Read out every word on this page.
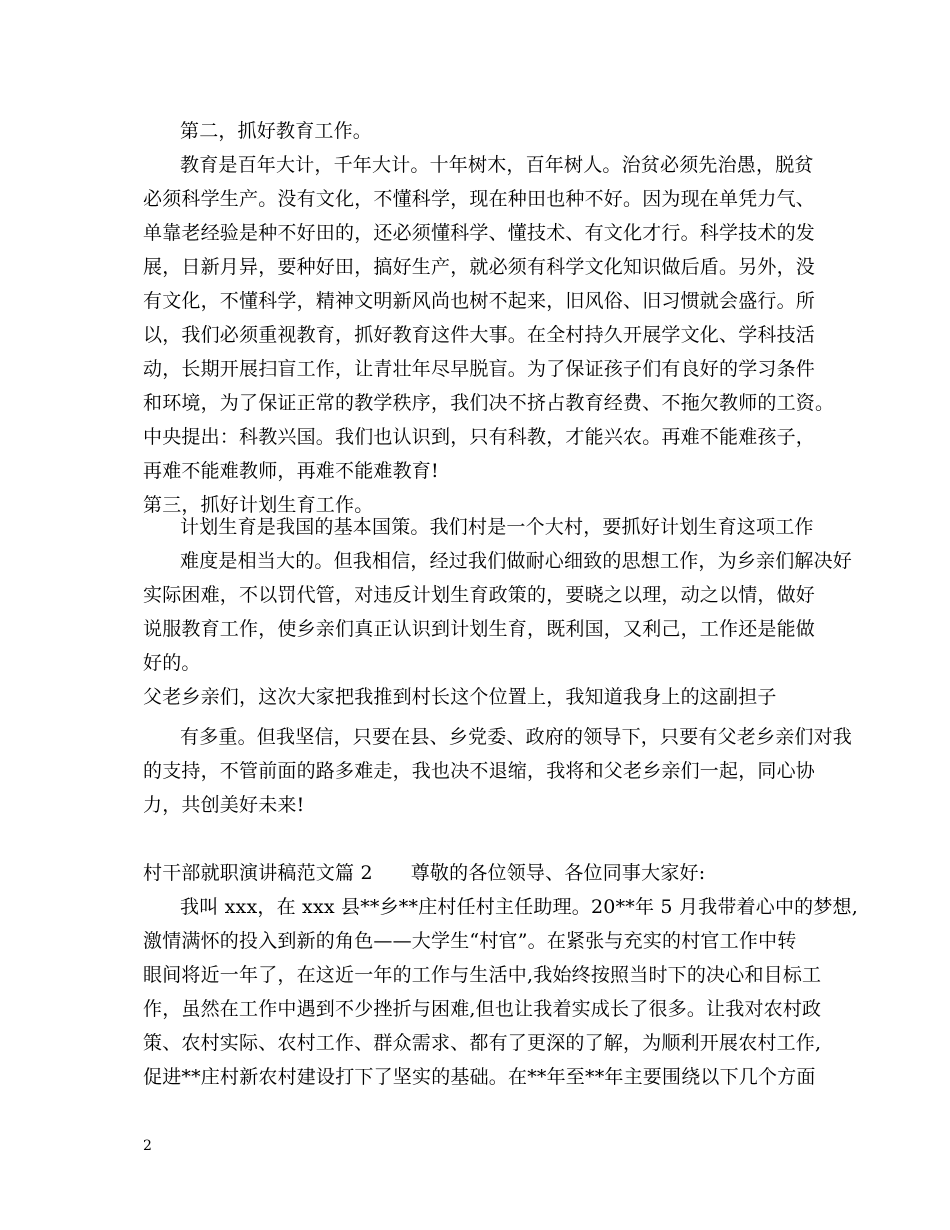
第二，抓好教育工作。
教育是百年大计，千年大计。十年树木，百年树人。治贫必须先治愚，脱贫
必须科学生产。没有文化，不懂科学，现在种田也种不好。因为现在单凭力气、
单靠老经验是种不好田的，还必须懂科学、懂技术、有文化才行。科学技术的发
展，日新月异，要种好田，搞好生产，就必须有科学文化知识做后盾。另外，没
有文化，不懂科学，精神文明新风尚也树不起来，旧风俗、旧习惯就会盛行。所
以，我们必须重视教育，抓好教育这件大事。在全村持久开展学文化、学科技活
动，长期开展扫盲工作，让青壮年尽早脱盲。为了保证孩子们有良好的学习条件
和环境，为了保证正常的教学秩序，我们决不挤占教育经费、不拖欠教师的工资。
中央提出：科教兴国。我们也认识到，只有科教，才能兴农。再难不能难孩子，
再难不能难教师，再难不能难教育!
第三，抓好计划生育工作。
计划生育是我国的基本国策。我们村是一个大村，要抓好计划生育这项工作
难度是相当大的。但我相信，经过我们做耐心细致的思想工作，为乡亲们解决好
实际困难，不以罚代管，对违反计划生育政策的，要晓之以理，动之以情，做好
说服教育工作，使乡亲们真正认识到计划生育，既利国，又利己，工作还是能做
好的。
父老乡亲们，这次大家把我推到村长这个位置上，我知道我身上的这副担子
有多重。但我坚信，只要在县、乡党委、政府的领导下，只要有父老乡亲们对我
的支持，不管前面的路多难走，我也决不退缩，我将和父老乡亲们一起，同心协
力，共创美好未来!
村干部就职演讲稿范文篇 2 尊敬的各位领导、各位同事大家好:
我叫 xxx，在 xxx 县**乡**庄村任村主任助理。20**年 5 月我带着心中的梦想,
激情满怀的投入到新的角色——大学生“村官”。在紧张与充实的村官工作中转
眼间将近一年了，在这近一年的工作与生活中,我始终按照当时下的决心和目标工
作，虽然在工作中遇到不少挫折与困难,但也让我着实成长了很多。让我对农村政
策、农村实际、农村工作、群众需求、都有了更深的了解，为顺利开展农村工作,
促进**庄村新农村建设打下了坚实的基础。在**年至**年主要围绕以下几个方面
2
